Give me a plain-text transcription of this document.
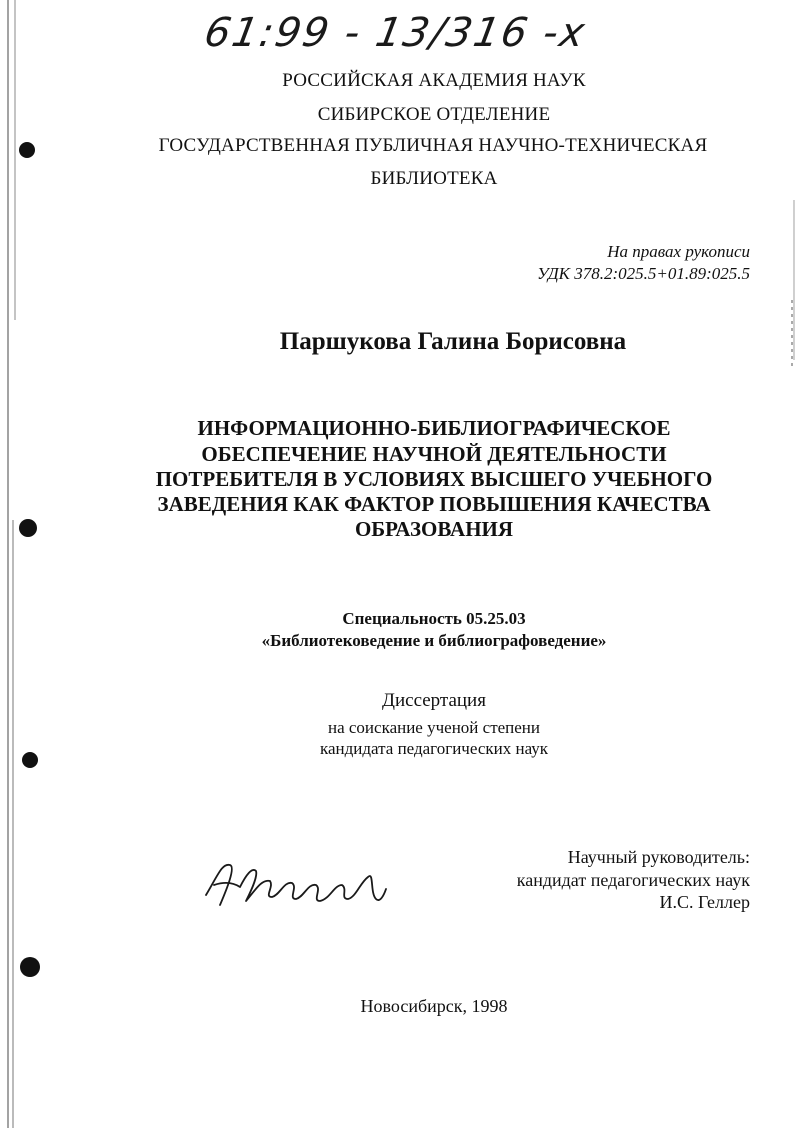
61:99 - 13/316 -x
РОССИЙСКАЯ АКАДЕМИЯ НАУК
СИБИРСКОЕ ОТДЕЛЕНИЕ
ГОСУДАРСТВЕННАЯ ПУБЛИЧНАЯ НАУЧНО-ТЕХНИЧЕСКАЯ
БИБЛИОТЕКА
На правах рукописи
УДК 378.2:025.5+01.89:025.5
Паршукова Галина Борисовна
ИНФОРМАЦИОННО-БИБЛИОГРАФИЧЕСКОЕ
ОБЕСПЕЧЕНИЕ НАУЧНОЙ ДЕЯТЕЛЬНОСТИ
ПОТРЕБИТЕЛЯ В УСЛОВИЯХ ВЫСШЕГО УЧЕБНОГО
ЗАВЕДЕНИЯ КАК ФАКТОР ПОВЫШЕНИЯ КАЧЕСТВА
ОБРАЗОВАНИЯ
Специальность 05.25.03
«Библиотековедение и библиографоведение»
Диссертация
на соискание ученой степени
кандидата педагогических наук
Научный руководитель:
кандидат педагогических наук
И.С. Геллер
Новосибирск, 1998
